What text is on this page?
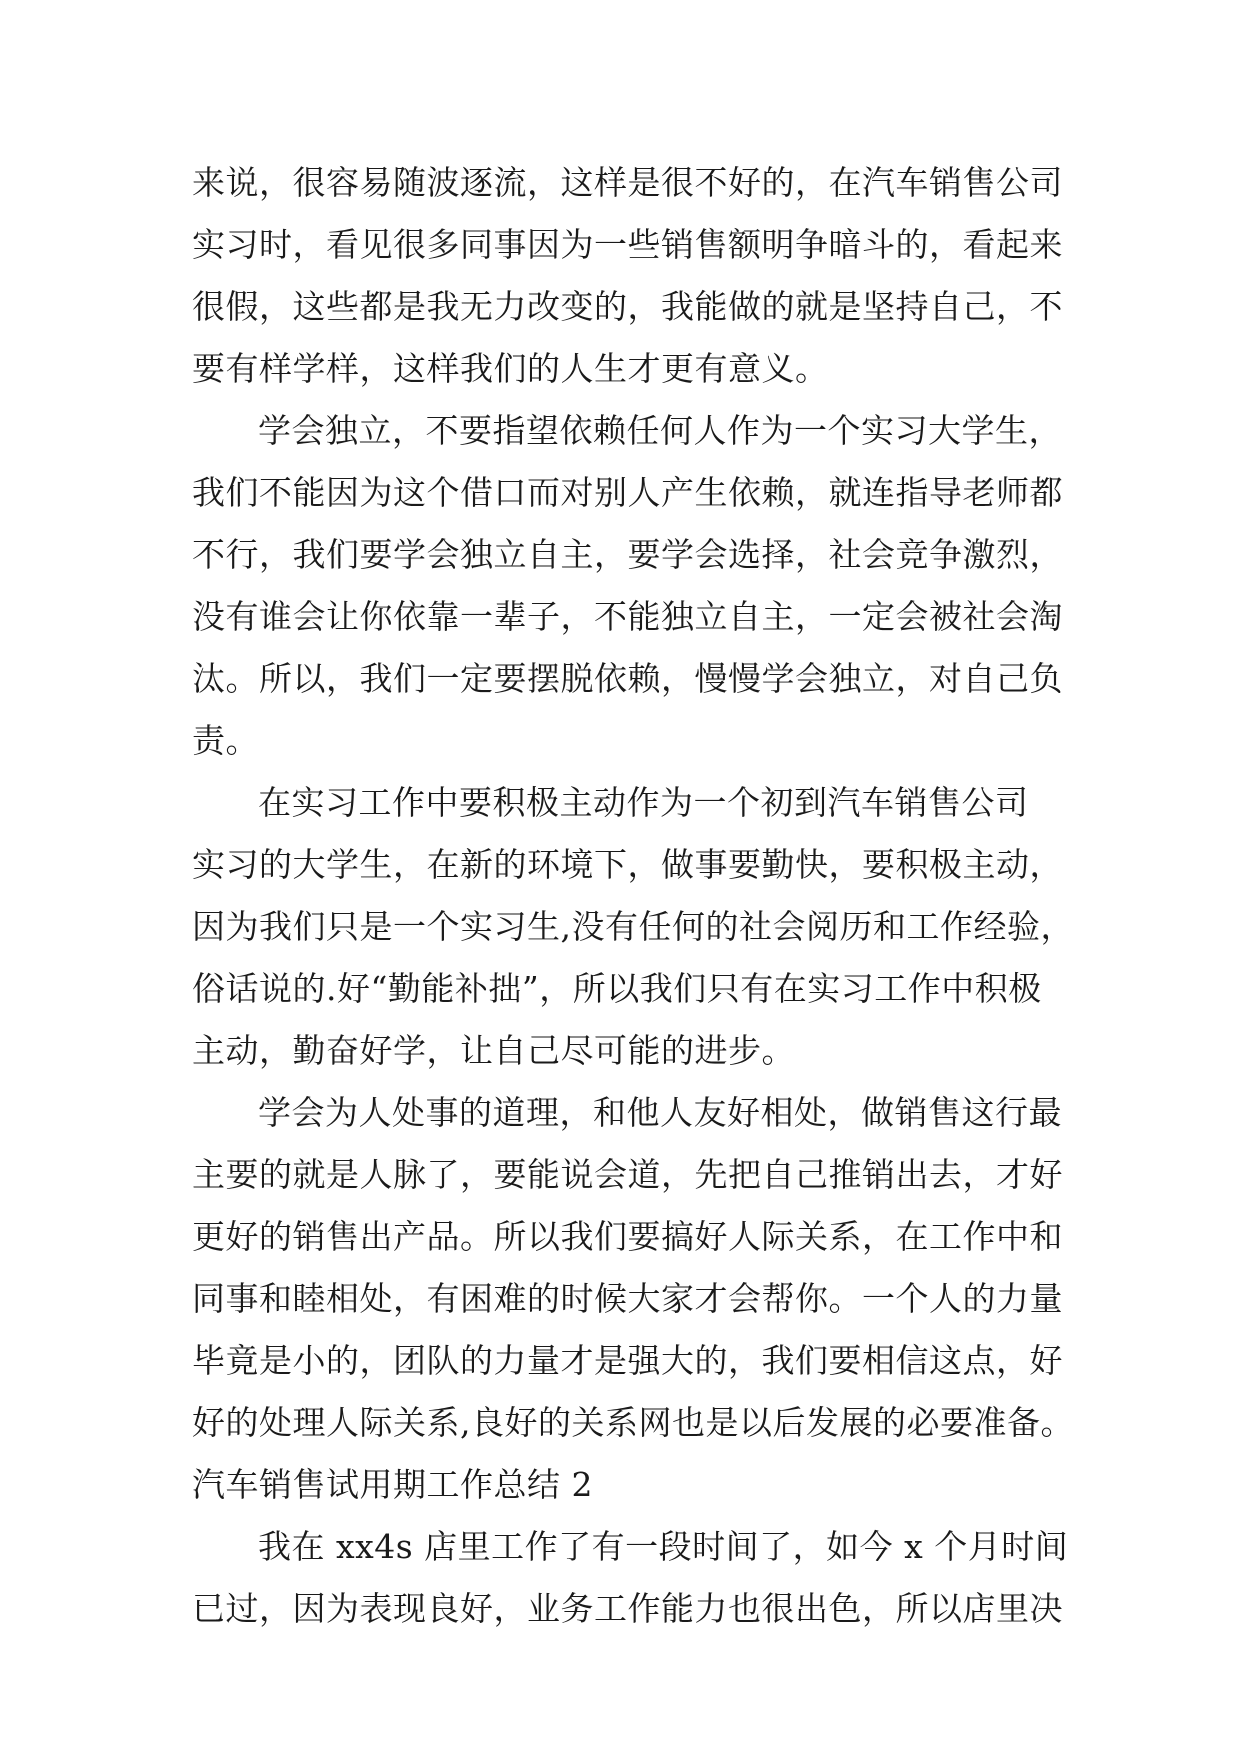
来说，很容易随波逐流，这样是很不好的，在汽车销售公司
实习时，看见很多同事因为一些销售额明争暗斗的，看起来
很假，这些都是我无力改变的，我能做的就是坚持自己，不
要有样学样，这样我们的人生才更有意义。
学会独立，不要指望依赖任何人作为一个实习大学生，
我们不能因为这个借口而对别人产生依赖，就连指导老师都
不行，我们要学会独立自主，要学会选择，社会竞争激烈，
没有谁会让你依靠一辈子，不能独立自主，一定会被社会淘
汰。所以，我们一定要摆脱依赖，慢慢学会独立，对自己负
责。
在实习工作中要积极主动作为一个初到汽车销售公司
实习的大学生，在新的环境下，做事要勤快，要积极主动，
因为我们只是一个实习生,没有任何的社会阅历和工作经验，
俗话说的.好“勤能补拙”，所以我们只有在实习工作中积极
主动，勤奋好学，让自己尽可能的进步。
学会为人处事的道理，和他人友好相处，做销售这行最
主要的就是人脉了，要能说会道，先把自己推销出去，才好
更好的销售出产品。所以我们要搞好人际关系，在工作中和
同事和睦相处，有困难的时候大家才会帮你。一个人的力量
毕竟是小的，团队的力量才是强大的，我们要相信这点，好
好的处理人际关系,良好的关系网也是以后发展的必要准备。
汽车销售试用期工作总结 2
我在 xx4s 店里工作了有一段时间了，如今 x 个月时间
已过，因为表现良好，业务工作能力也很出色，所以店里决
